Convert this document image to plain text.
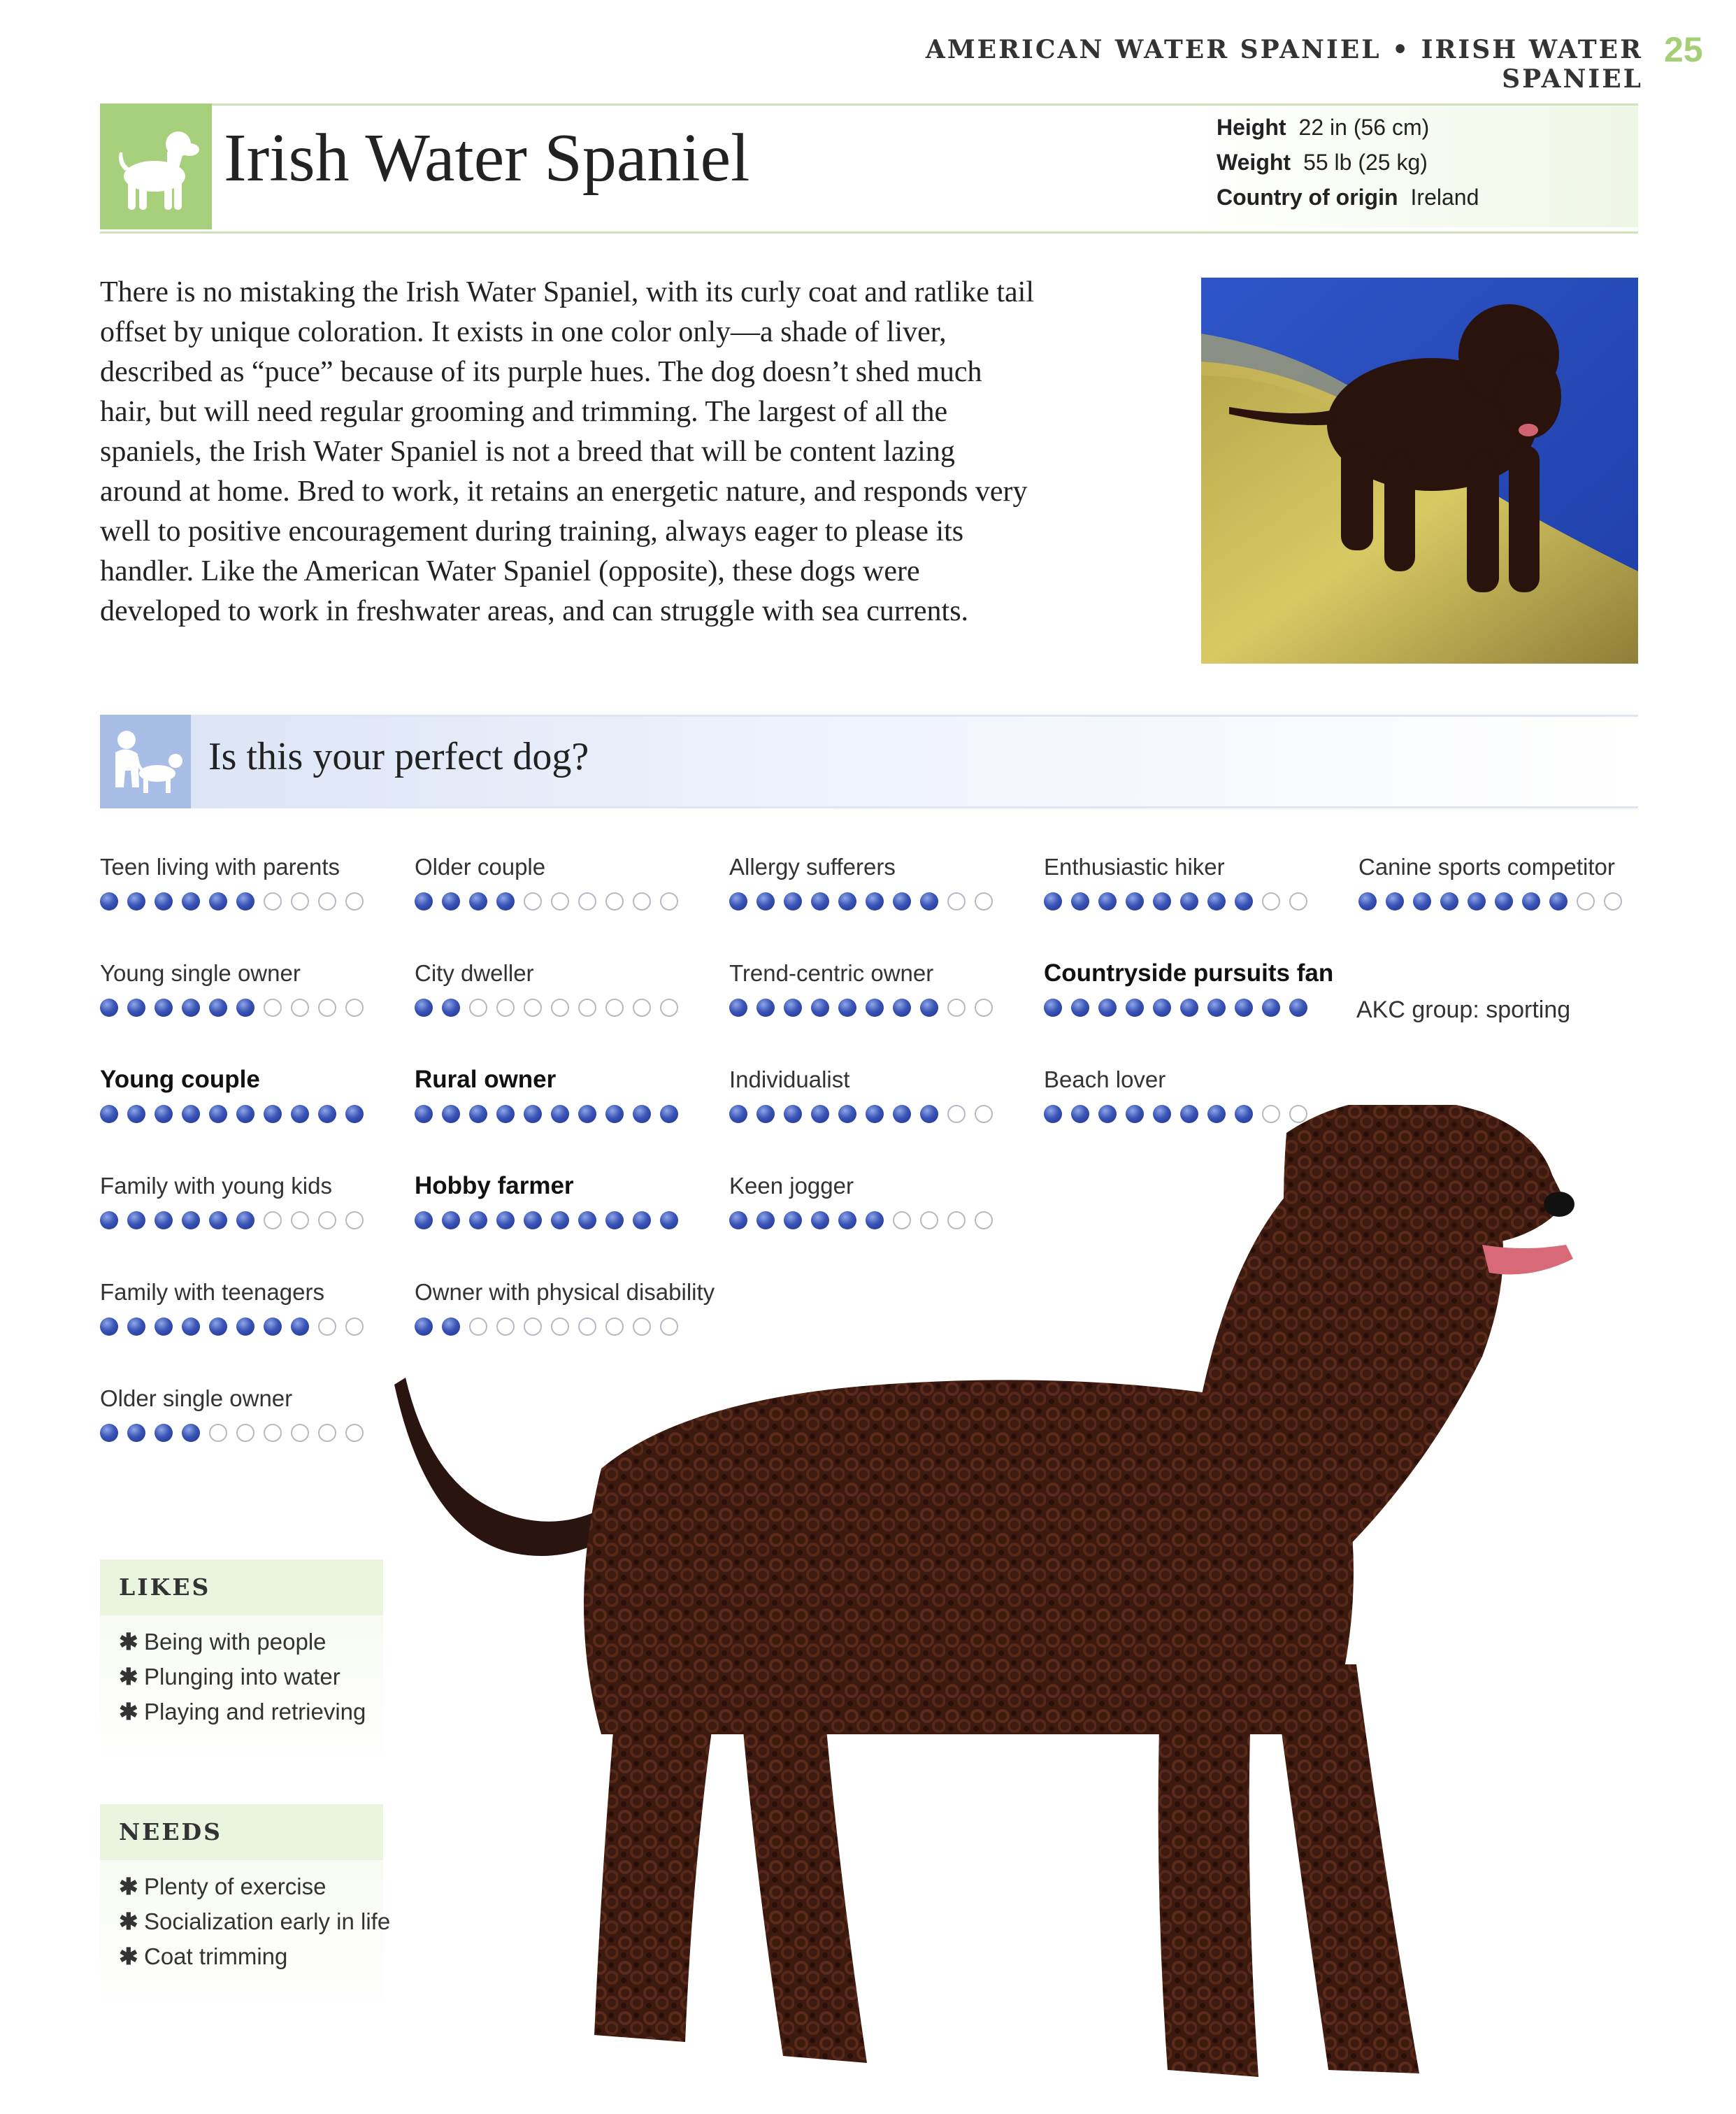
AMERICAN WATER SPANIEL • IRISH WATER SPANIEL
25
Irish Water Spaniel	Height 22 in (56 cm)
Weight 55 lb (25 kg)
Country of origin Ireland
There is no mistaking the Irish Water Spaniel, with its curly coat and ratlike tail offset by unique coloration. It exists in one color only—a shade of liver, described as “puce” because of its purple hues. The dog doesn’t shed much hair, but will need regular grooming and trimming. The largest of all the spaniels, the Irish Water Spaniel is not a breed that will be content lazing around at home. Bred to work, it retains an energetic nature, and responds very well to positive encouragement during training, always eager to please its handler. Like the American Water Spaniel (opposite), these dogs were developed to work in freshwater areas, and can struggle with sea currents.
Is this your perfect dog?
Teen living with parents
Young single owner
Young couple
Family with young kids
Family with teenagers
Older single owner
Older couple
City dweller
Rural owner
Hobby farmer
Owner with physical disability
Allergy sufferers
Trend-centric owner
Individualist
Keen jogger
Enthusiastic hiker
Countryside pursuits fan
Beach lover
Canine sports competitor
AKC group: sporting
LIKES
✱ Being with people
✱ Plunging into water
✱ Playing and retrieving
NEEDS
✱ Plenty of exercise
✱ Socialization early in life
✱ Coat trimming
